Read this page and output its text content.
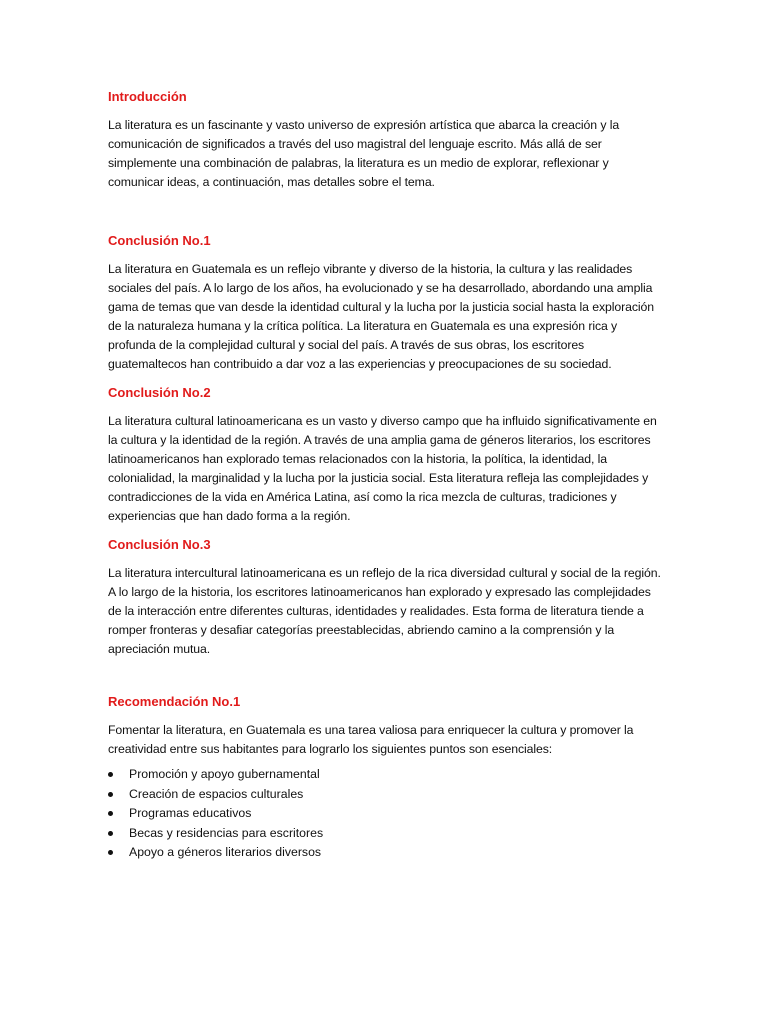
Introducción

La literatura es un fascinante y vasto universo de expresión artística que abarca la creación y la comunicación de significados a través del uso magistral del lenguaje escrito. Más allá de ser simplemente una combinación de palabras, la literatura es un medio de explorar, reflexionar y comunicar ideas, a continuación, mas detalles sobre el tema.

Conclusión No.1

La literatura en Guatemala es un reflejo vibrante y diverso de la historia, la cultura y las realidades sociales del país. A lo largo de los años, ha evolucionado y se ha desarrollado, abordando una amplia gama de temas que van desde la identidad cultural y la lucha por la justicia social hasta la exploración de la naturaleza humana y la crítica política. La literatura en Guatemala es una expresión rica y profunda de la complejidad cultural y social del país. A través de sus obras, los escritores guatemaltecos han contribuido a dar voz a las experiencias y preocupaciones de su sociedad.

Conclusión No.2

La literatura cultural latinoamericana es un vasto y diverso campo que ha influido significativamente en la cultura y la identidad de la región. A través de una amplia gama de géneros literarios, los escritores latinoamericanos han explorado temas relacionados con la historia, la política, la identidad, la colonialidad, la marginalidad y la lucha por la justicia social. Esta literatura refleja las complejidades y contradicciones de la vida en América Latina, así como la rica mezcla de culturas, tradiciones y experiencias que han dado forma a la región.

Conclusión No.3

La literatura intercultural latinoamericana es un reflejo de la rica diversidad cultural y social de la región. A lo largo de la historia, los escritores latinoamericanos han explorado y expresado las complejidades de la interacción entre diferentes culturas, identidades y realidades. Esta forma de literatura tiende a romper fronteras y desafiar categorías preestablecidas, abriendo camino a la comprensión y la apreciación mutua.

Recomendación No.1

Fomentar la literatura, en Guatemala es una tarea valiosa para enriquecer la cultura y promover la creatividad entre sus habitantes para lograrlo los siguientes puntos son esenciales:

Promoción y apoyo gubernamental
Creación de espacios culturales
Programas educativos
Becas y residencias para escritores
Apoyo a géneros literarios diversos
